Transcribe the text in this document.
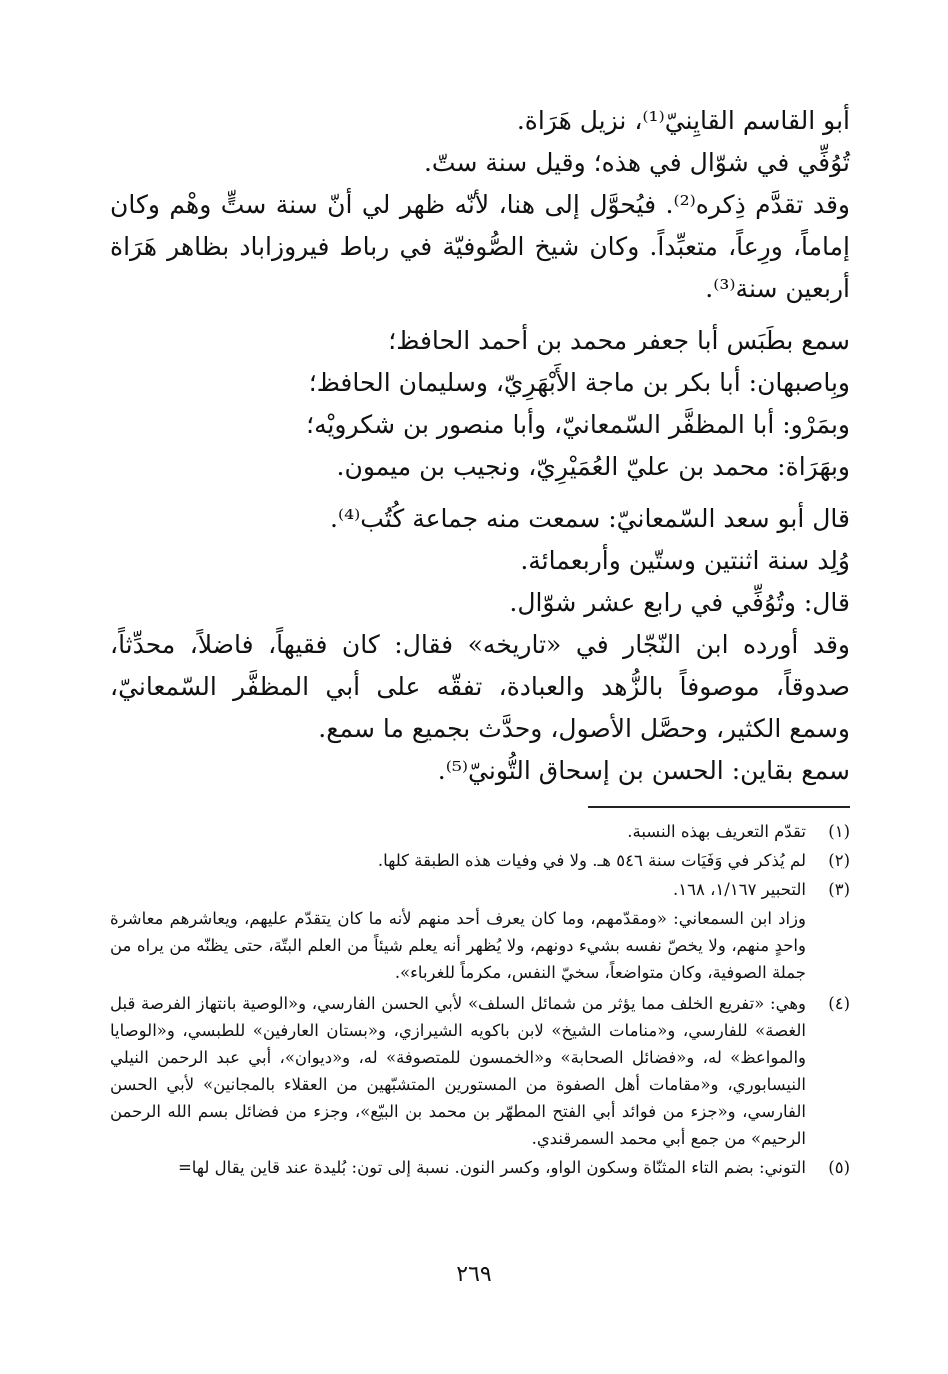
أبو القاسم القايِنيّ⁽¹⁾، نزيل هَرَاة.

تُوُفِّي في شوّال في هذه؛ وقيل سنة ستّ.

وقد تقدَّم ذِكره⁽²⁾. فيُحوَّل إلى هنا، لأنّه ظهر لي أنّ سنة ستٍّ وهْم وكان إماماً، ورِعاً، متعبِّداً. وكان شيخ الصُّوفيّة في رباط فيروزاباد بظاهر هَرَاة أربعين سنة⁽³⁾.

سمع بطَبَس أبا جعفر محمد بن أحمد الحافظ؛

وبِاصبهان: أبا بكر بن ماجة الأَبْهَرِيّ، وسليمان الحافظ؛

وبمَرْو: أبا المظفَّر السّمعانيّ، وأبا منصور بن شكرويْه؛

وبهَرَاة: محمد بن عليّ العُمَيْرِيّ، ونجيب بن ميمون.

قال أبو سعد السّمعانيّ: سمعت منه جماعة كُتُب⁽⁴⁾.

وُلِد سنة اثنتين وستّين وأربعمائة.

قال: وتُوُفِّي في رابع عشر شوّال.

وقد أورده ابن النّجّار في «تاريخه» فقال: كان فقيهاً، فاضلاً، محدِّثاً، صدوقاً، موصوفاً بالزُّهد والعبادة، تفقّه على أبي المظفَّر السّمعانيّ، وسمع الكثير، وحصَّل الأصول، وحدَّث بجميع ما سمع.

سمع بقاين: الحسن بن إسحاق التُّونيّ⁽⁵⁾.

(١)
تقدّم التعريف بهذه النسبة.
(٢)
لم يُذكر في وَفَيَات سنة ٥٤٦ هـ. ولا في وفيات هذه الطبقة كلها.
(٣)
التحبير ١/١٦٧، ١٦٨.

وزاد ابن السمعاني: «ومقدّمهم، وما كان يعرف أحد منهم لأنه ما كان يتقدّم عليهم، ويعاشرهم معاشرة واحدٍ منهم، ولا يخصّ نفسه بشيء دونهم، ولا يُظهر أنه يعلم شيئاً من العلم البتّة، حتى يظنّه من يراه من جملة الصوفية، وكان متواضعاً، سخيّ النفس، مكرماً للغرباء».

(٤)
وهي: «تفريع الخلف مما يؤثر من شمائل السلف» لأبي الحسن الفارسي، و«الوصية بانتهاز الفرصة قبل الغصة» للفارسي، و«منامات الشيخ» لابن باكويه الشيرازي، و«بستان العارفين» للطبسي، و«الوصايا والمواعظ» له، و«فضائل الصحابة» و«الخمسون للمتصوفة» له، و«ديوان»، أبي عبد الرحمن النيلي النيسابوري، و«مقامات أهل الصفوة من المستورين المتشبّهين من العقلاء بالمجانين» لأبي الحسن الفارسي، و«جزء من فوائد أبي الفتح المطهّر بن محمد بن البيّع»، وجزء من فضائل بسم الله الرحمن الرحيم» من جمع أبي محمد السمرقندي.
(٥)
التوني: بضم التاء المثنّاة وسكون الواو، وكسر النون. نسبة إلى تون: بُليدة عند قاين يقال لها=
٢٦٩
